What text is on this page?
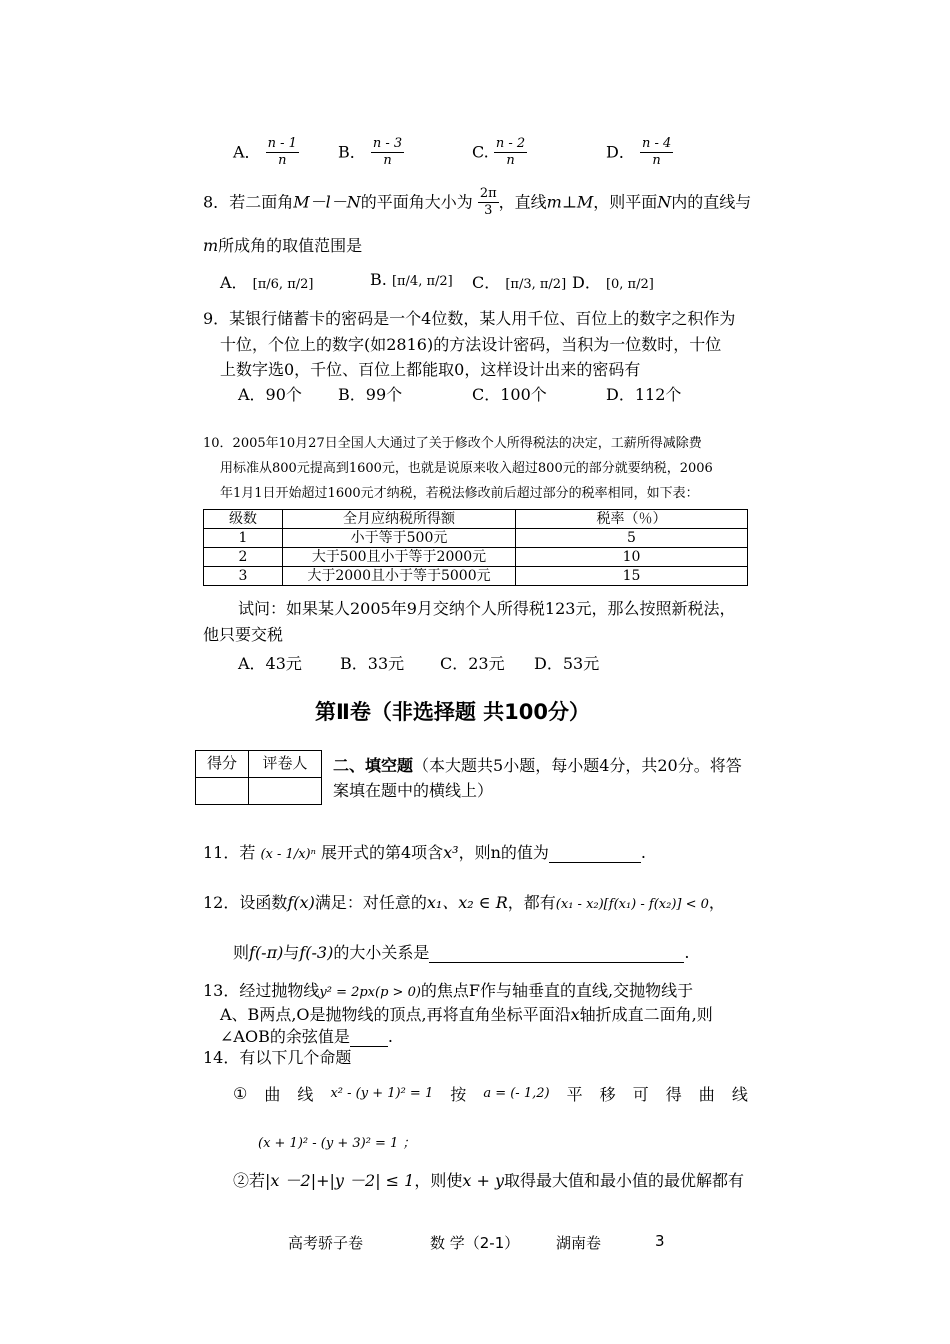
A． $\frac{n - 1}{n}$ B． $\frac{n - 3}{n}$	C. $\frac{n - 2}{n}$	D． $\frac{n - 4}{n}$
8．若二面角M－l－N的平面角大小为 $\frac{2\pi}{3}$ ，直线m⊥M，则平面N内的直线与
m所成角的取值范围是
A． [π/6, π/2]	B. [π/4, π/2] C． [π/3, π/2] D． [0, π/2]
9．某银行储蓄卡的密码是一个4位数，某人用千位、百位上的数字之积作为
十位，个位上的数字(如2816)的方法设计密码，当积为一位数时，十位
上数字选0，千位、百位上都能取0，这样设计出来的密码有
A．90个 B．99个	C．100个	D．112个
10．2005年10月27日全国人大通过了关于修改个人所得税法的决定，工薪所得减除费
用标准从800元提高到1600元，也就是说原来收入超过800元的部分就要纳税，2006
年1月1日开始超过1600元才纳税，若税法修改前后超过部分的税率相同，如下表：
级数	全月应纳税所得额	税率（％）
1	小于等于500元	5
2	大于500且小于等于2000元	10
3	大于2000且小于等于5000元	15
试问：如果某人2005年9月交纳个人所得税123元，那么按照新税法，
他只要交税
A．43元 B．33元 C．23元 D．53元
第Ⅱ卷（非选择题 共100分）
得分	评卷人
	二、填空题（本大题共5小题，每小题4分，共20分。将答
案填在题中的横线上）
11．若 (x - 1/x)ⁿ 展开式的第4项含x³，则n的值为	.
12．设函数f(x)满足：对任意的x₁、x₂ ∈ R，都有(x₁ - x₂)[f(x₁) - f(x₂)] < 0，
则f(-π)与f(-3)的大小关系是	.
13．经过抛物线y² = 2px(p > 0)的焦点F作与轴垂直的直线,交抛物线于
A、B两点,O是抛物线的顶点,再将直角坐标平面沿x轴折成直二面角,则
∠AOB的余弦值是 .
14．有以下几个命题
① 曲 线 x² - (y + 1)² = 1 按 a = (- 1,2) 平 移 可 得 曲 线
(x + 1)² - (y + 3)² = 1 ；
②若|x －2|+|y －2| ≤ 1，则使x + y取得最大值和最小值的最优解都有
高考骄子卷	数 学（2-1） 湖南卷	3
